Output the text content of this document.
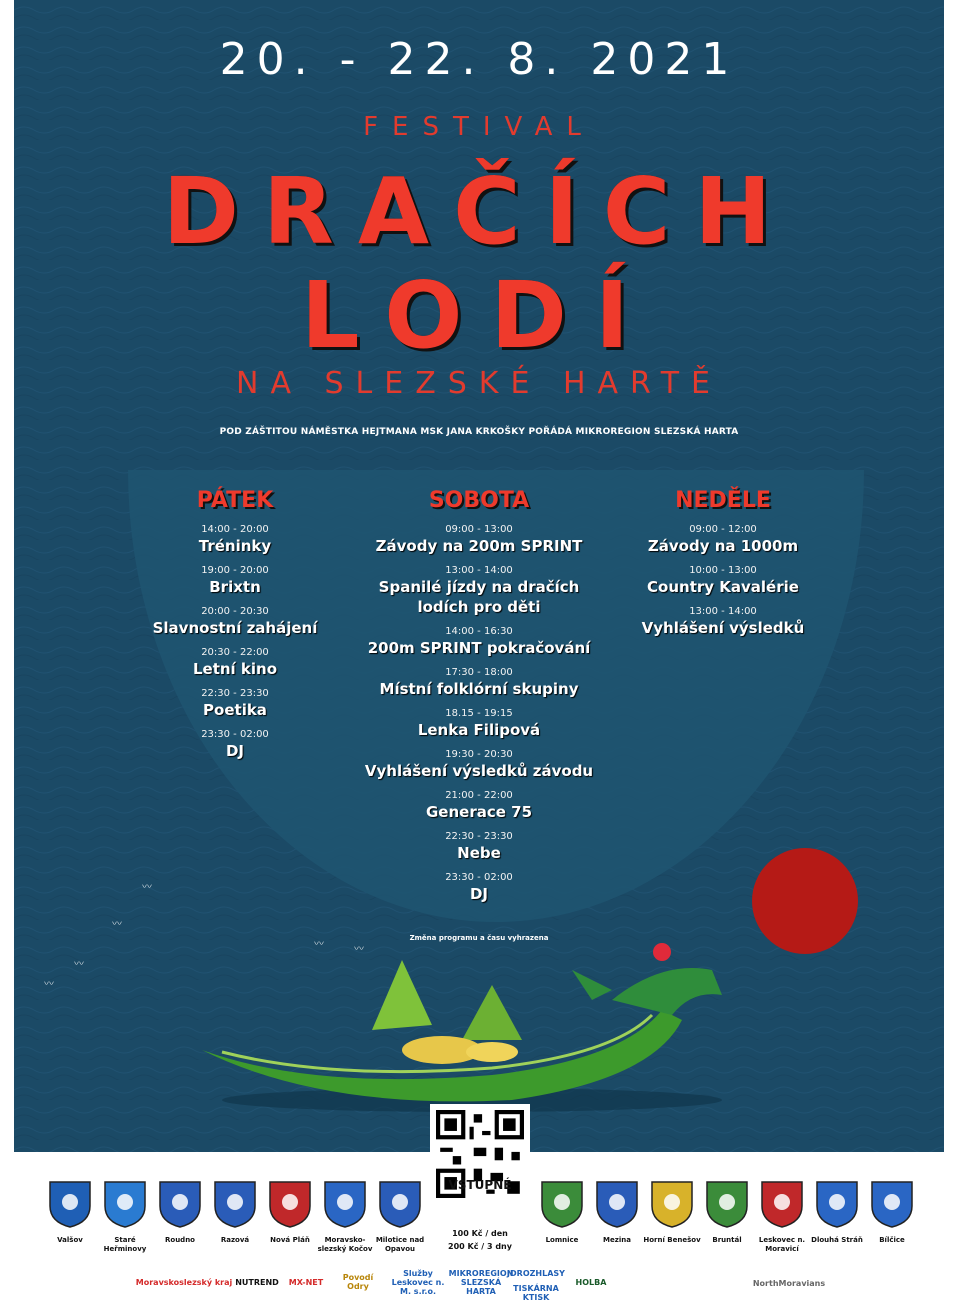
20. - 22. 8. 2021
FESTIVAL
DRAČÍCH
LODÍ
NA SLEZSKÉ HARTĚ
POD ZÁŠTITOU NÁMĚSTKA HEJTMANA MSK JANA KRKOŠKY POŘÁDÁ MIKROREGION SLEZSKÁ HARTA
PÁTEK
14:00 - 20:00
Tréninky
19:00 - 20:00
Brixtn
20:00 - 20:30
Slavnostní zahájení
20:30 - 22:00
Letní kino
22:30 - 23:30
Poetika
23:30 - 02:00
DJ
SOBOTA
09:00 - 13:00
Závody na 200m SPRINT
13:00 - 14:00
Spanilé jízdy na dračích lodích pro děti
14:00 - 16:30
200m SPRINT pokračování
17:30 - 18:00
Místní folklórní skupiny
18.15 - 19:15
Lenka Filipová
19:30 - 20:30
Vyhlášení výsledků závodu
21:00 - 22:00
Generace 75
22:30 - 23:30
Nebe
23:30 - 02:00
DJ
NEDĚLE
09:00 - 12:00
Závody na 1000m
10:00 - 13:00
Country Kavalérie
13:00 - 14:00
Vyhlášení výsledků
Změna programu a času vyhrazena
〰
〰
〰
〰
〰	〰
VSTUPNÉ
100 Kč / den
200 Kč / 3 dny
Valšov	Staré Heřminovy
Roudno	Razová	Nová Pláň	Moravsko-slezský Kočov
Milotice nad Opavou
Lomnice	Mezina	Horní Benešov	Bruntál	Leskovec n. Moravicí
Dlouhá Stráň	Bílčice
Moravskoslezský kraj NUTREND	MX-NET	Povodí Odry
Služby Leskovec n. M. s.r.o.
MIKROREGION SLEZSKÁ HARTA
JDROZHLASY
TISKÁRNA KTISK
HOLBA	NorthMoravians
